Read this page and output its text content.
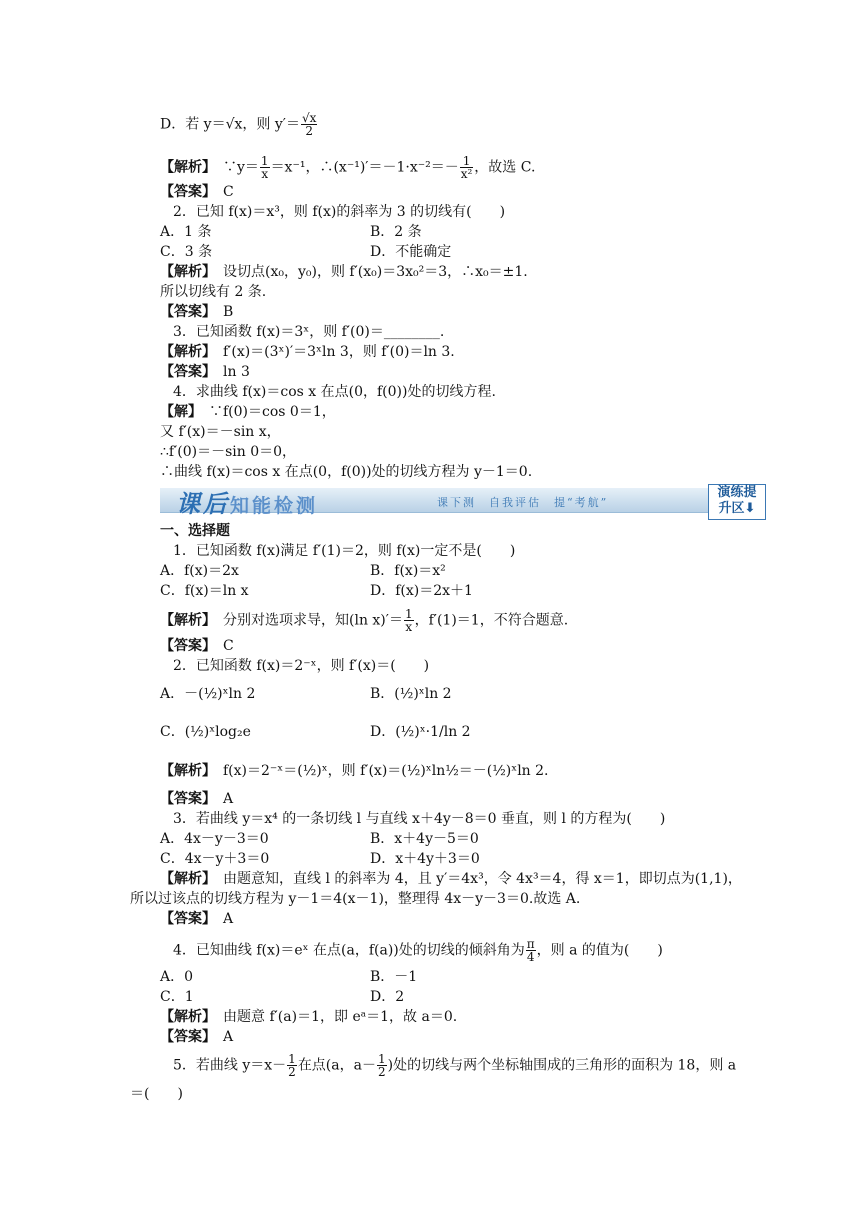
D．若 y＝√x，则 $y'= \frac{√x}{2}$
【解析】　 ∵y＝ $\frac{1}{x} =x^{-1}$，∴(x⁻¹)′＝－1·x⁻²＝－ $\frac{1}{\text{x²}}$ ，故选 C.
【答案】　 C
2．已知 f(x)＝x³，则 f(x)的斜率为 3 的切线有(　　)
A．1 条	B．2 条
C．3 条	D．不能确定
【解析】　 设切点(x₀，y₀)，则 f′(x₀)＝3x₀²＝3，∴x₀＝±1.
所以切线有 2 条.
【答案】　 B
3．已知函数 f(x)＝3ˣ，则 f′(0)＝________.
【解析】　 f′(x)＝(3ˣ)′＝3ˣln 3，则 f′(0)＝ln 3.
【答案】　 ln 3
4．求曲线 f(x)＝cos x 在点(0，f(0))处的切线方程.
【解】　 ∵f(0)＝cos 0＝1，
又 f′(x)＝－sin x，
∴f′(0)＝－sin 0＝0，
∴曲线 f(x)＝cos x 在点(0，f(0))处的切线方程为 y－1＝0.
课后知能检测	课下测　自我评估　提“考航”
演练提
升区⬇
一、选择题
1．已知函数 f(x)满足 f′(1)＝2，则 f(x)一定不是(　　)
A．f(x)＝2x	B．f(x)＝x²
C．f(x)＝ln x	D．f(x)＝2x＋1
【解析】　 分别对选项求导，知(ln $x)'= \frac{1}{x}$ ，f′(1)＝1，不符合题意.
【答案】　 C
2．已知函数 f(x)＝2⁻ˣ，则 f′(x)＝(　　)
A．－(½)ˣln 2	B．(½)ˣln 2
C．(½)ˣlog₂e	D．(½)ˣ·1/ln 2
【解析】　 f(x)＝2⁻ˣ＝(½)ˣ，则 f′(x)＝(½)ˣln½＝－(½)ˣln 2.
【答案】　 A
3．若曲线 y＝x⁴ 的一条切线 l 与直线 x＋4y－8＝0 垂直，则 l 的方程为(　　)
A．4x－y－3＝0	B．x＋4y－5＝0
C．4x－y＋3＝0	D．x＋4y＋3＝0
【解析】　 由题意知，直线 l 的斜率为 4，且 y′＝4x³，令 4x³＝4，得 x＝1，即切点为(1,1)，
所以过该点的切线方程为 y－1＝4(x－1)，整理得 4x－y－3＝0.故选 A.
【答案】　 A
4．已知曲线 f(x)＝eˣ 在点(a，f(a))处的切线的倾斜角为 $\frac{\pi}{4}$ ，则 a 的值为(　　)
A．0	B．－1
C．1	D．2
【解析】　 由题意 f′(a)＝1，即 eᵃ＝1，故 a＝0.
【答案】　 A
5．若曲线 $y=x- \frac{1}{2}$ 在点(a，$a- \frac{1}{2}$ )处的切线与两个坐标轴围成的三角形的面积为 18，则 a
＝(　　)
